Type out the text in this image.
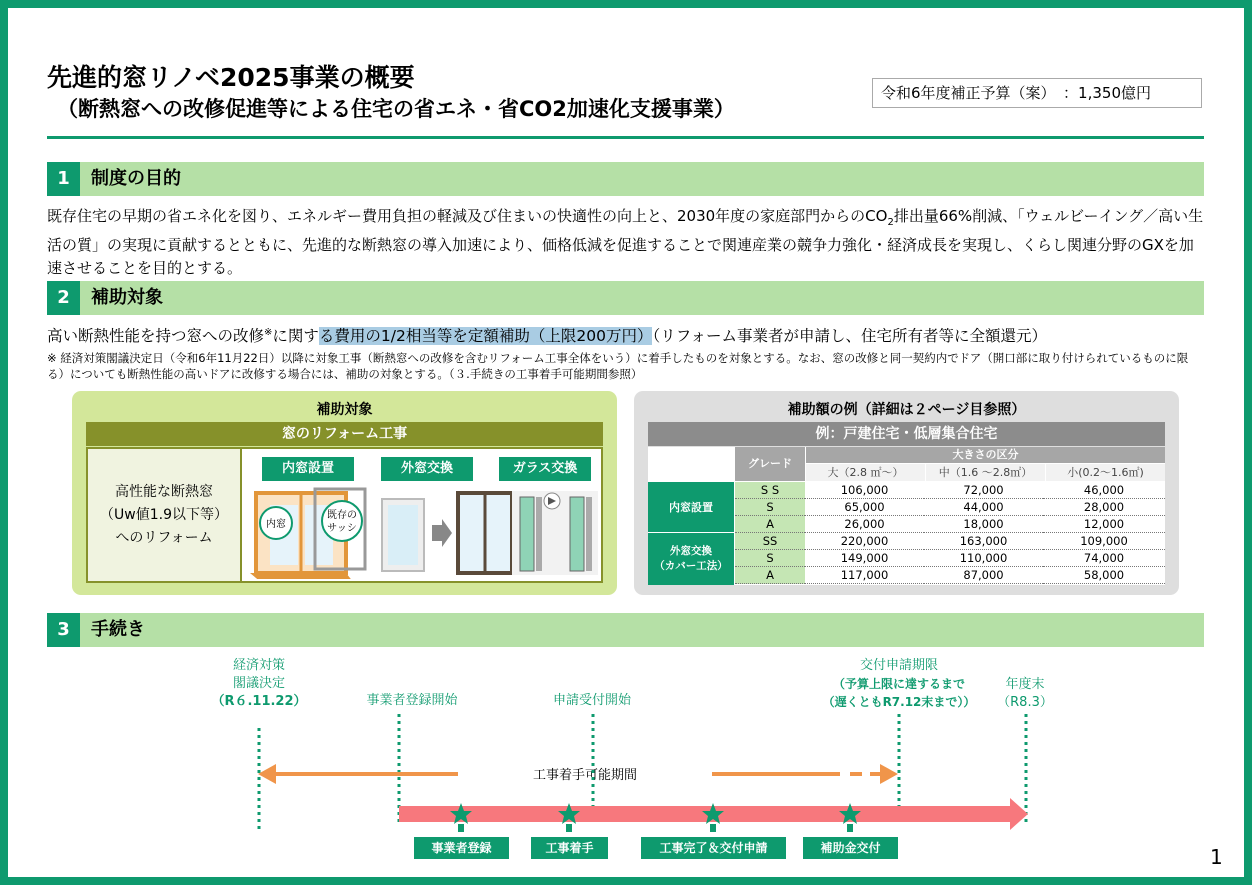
先進的窓リノベ2025事業の概要
（断熱窓への改修促進等による住宅の省エネ・省CO2加速化支援事業）
令和6年度補正予算（案）　：1,350億円
1	制度の目的
既存住宅の早期の省エネ化を図り、エネルギー費用負担の軽減及び住まいの快適性の向上と、2030年度の家庭部門からの$CO_2$排出量66%削減、「ウェルビーイング／高い生活の質」の実現に貢献するとともに、先進的な断熱窓の導入加速により、価格低減を促進することで関連産業の競争力強化・経済成長を実現し、くらし関連分野のGXを加速させることを目的とする。
2	補助対象
高い断熱性能を持つ窓への改修※に関する費用の1/2相当等を定額補助（上限200万円）（リフォーム事業者が申請し、住宅所有者等に全額還元）
※ 経済対策閣議決定日（令和6年11月22日）以降に対象工事（断熱窓への改修を含むリフォーム工事全体をいう）に着手したものを対象とする。なお、窓の改修と同一契約内でドア（開口部に取り付けられているものに限る）についても断熱性能の高いドアに改修する場合には、補助の対象とする。（３.手続きの工事着手可能期間参照）
補助対象
窓のリフォーム工事
高性能な断熱窓
（Uw値1.9以下等）
へのリフォーム
内窓設置	外窓交換	ガラス交換
内窓
既存の
サッシ
補助額の例（詳細は２ページ目参照）
例：戸建住宅・低層集合住宅
グレード
大きさの区分
大（2.8 ㎡～）	中（1.6 ～2.8㎡）	小(0.2～1.6㎡)
内窓設置
S S	106,000	72,000	46,000
S	65,000	44,000	28,000
A	26,000	18,000	12,000
外窓交換
（カバー工法）
SS	220,000	163,000	109,000
S	149,000	110,000	74,000
A	117,000	87,000	58,000
3	手続き
経済対策
閣議決定
（R６.11.22）	事業者登録開始	申請受付開始
交付申請期限
（予算上限に達するまで
（遅くともR7.12末まで））
年度末
（R8.3）
工事着手可能期間
事業者登録	工事着手	工事完了＆交付申請	補助金交付	1
